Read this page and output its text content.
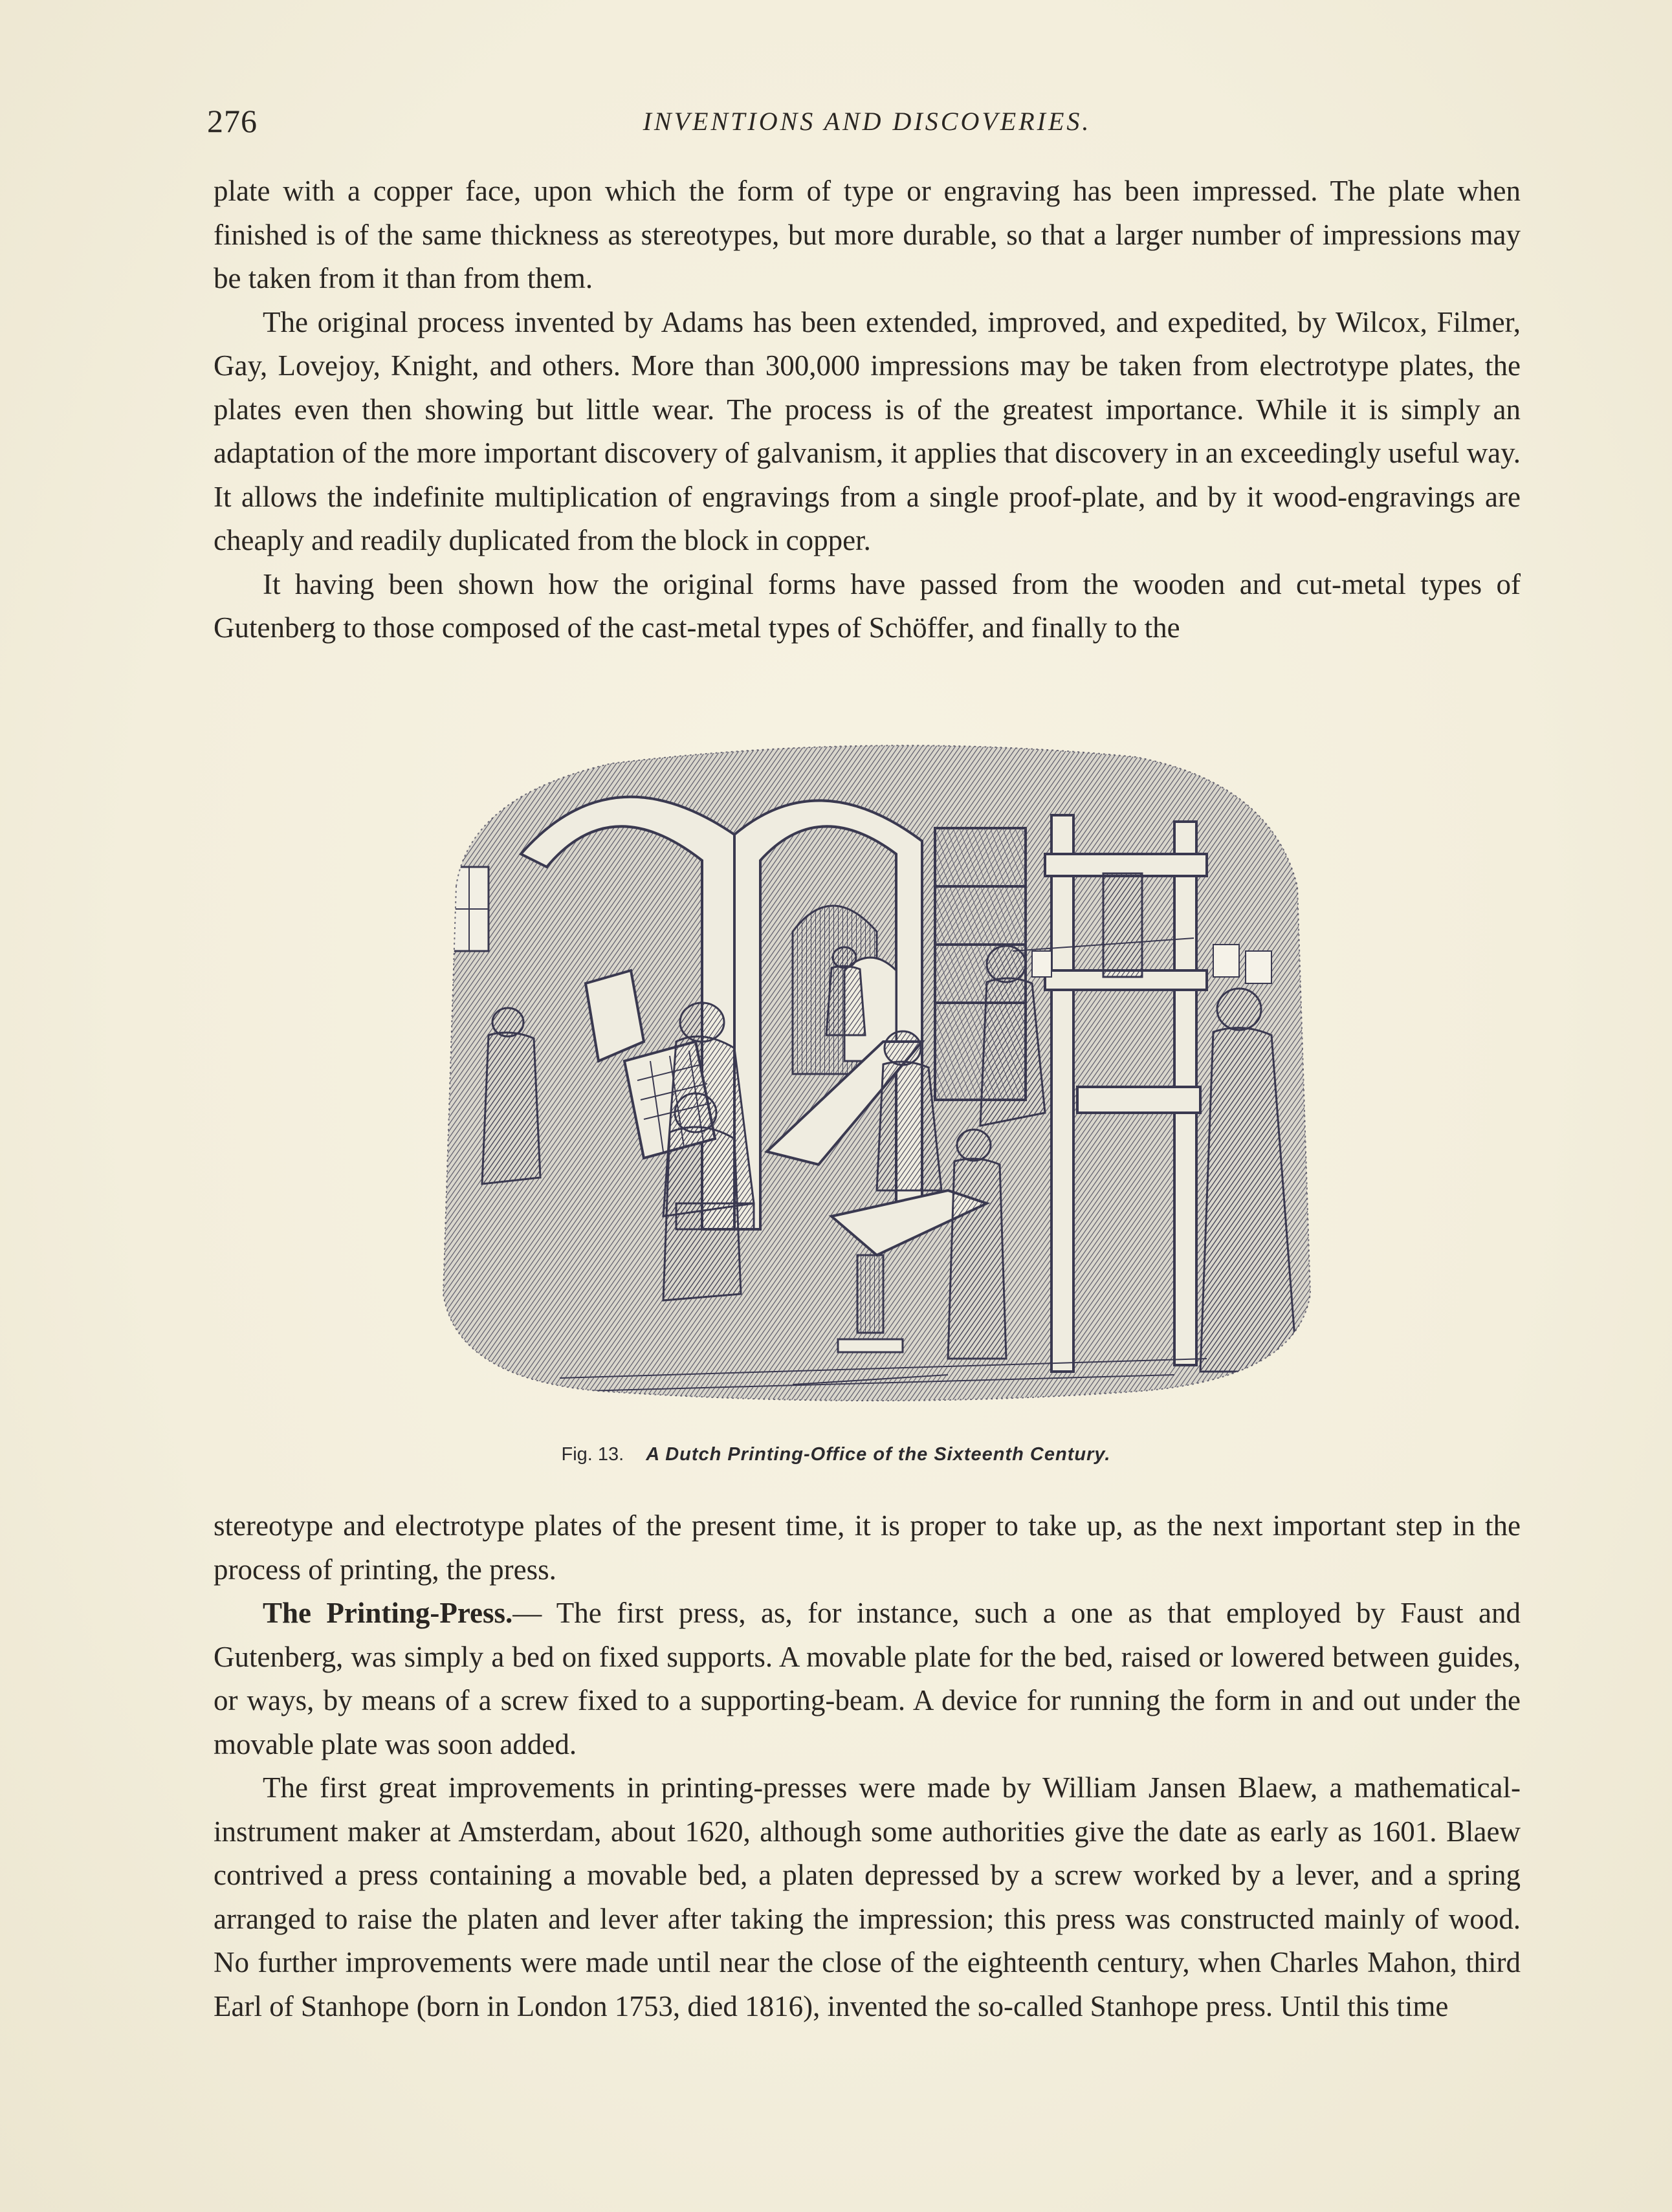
276	INVENTIONS AND DISCOVERIES.

plate with a copper face, upon which the form of type or engraving has been impressed. The plate when finished is of the same thickness as stereotypes, but more durable, so that a larger number of impressions may be taken from it than from them.

The original process invented by Adams has been extended, improved, and expedited, by Wilcox, Filmer, Gay, Lovejoy, Knight, and others. More than 300,000 impressions may be taken from electrotype plates, the plates even then showing but little wear. The process is of the greatest importance. While it is simply an adaptation of the more important discovery of galvanism, it applies that discovery in an exceedingly useful way. It allows the indefinite multiplication of engravings from a single proof-plate, and by it wood-engravings are cheaply and readily duplicated from the block in copper.

It having been shown how the original forms have passed from the wooden and cut-metal types of Gutenberg to those composed of the cast-metal types of Schöffer, and finally to the

Fig. 13. A Dutch Printing-Office of the Sixteenth Century.

stereotype and electrotype plates of the present time, it is proper to take up, as the next important step in the process of printing, the press.

The Printing-Press.— The first press, as, for instance, such a one as that employed by Faust and Gutenberg, was simply a bed on fixed supports. A movable plate for the bed, raised or lowered between guides, or ways, by means of a screw fixed to a supporting-beam. A device for running the form in and out under the movable plate was soon added.

The first great improvements in printing-presses were made by William Jansen Blaew, a mathematical-instrument maker at Amsterdam, about 1620, although some authorities give the date as early as 1601. Blaew contrived a press containing a movable bed, a platen depressed by a screw worked by a lever, and a spring arranged to raise the platen and lever after taking the impression; this press was constructed mainly of wood. No further improvements were made until near the close of the eighteenth century, when Charles Mahon, third Earl of Stanhope (born in London 1753, died 1816), invented the so-called Stanhope press. Until this time
